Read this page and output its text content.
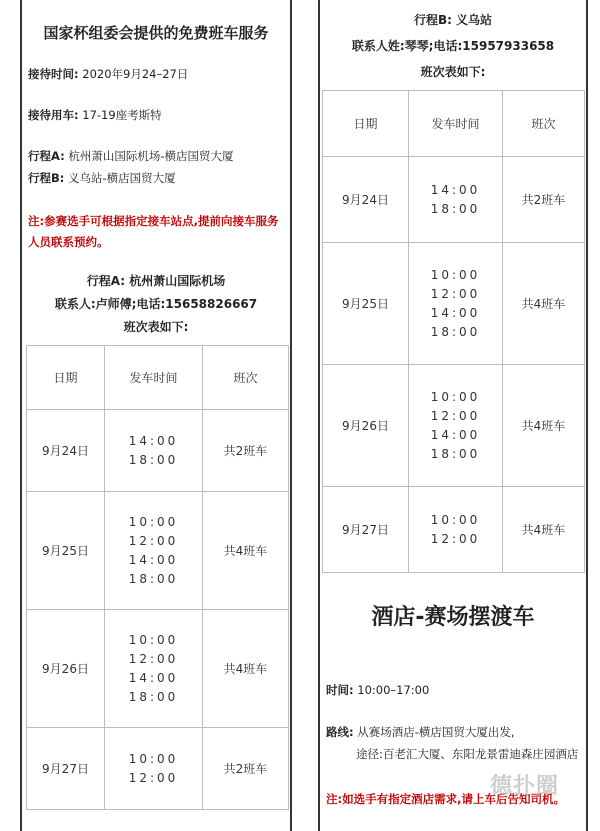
国家杯组委会提供的免费班车服务
接待时间: 2020年9月24–27日
接待用车: 17-19座考斯特
行程A: 杭州萧山国际机场-横店国贸大厦
行程B: 义乌站-横店国贸大厦
注:参赛选手可根据指定接车站点,提前向接车服务人员联系预约。
行程A: 杭州萧山国际机场
联系人:卢师傅;电话:15658826667
班次表如下:
日期	发车时间	班次
9月24日	14:00
18:00	共2班车
9月25日	10:00
12:00
14:00
18:00	共4班车
9月26日	10:00
12:00
14:00
18:00	共4班车
9月27日	10:00
12:00	共2班车
行程B: 义乌站
联系人姓:琴琴;电话:15957933658
班次表如下:
日期	发车时间	班次
9月24日	14:00
18:00	共2班车
9月25日	10:00
12:00
14:00
18:00	共4班车
9月26日	10:00
12:00
14:00
18:00	共4班车
9月27日	10:00
12:00	共4班车
酒店-赛场摆渡车
时间: 10:00–17:00
路线: 从赛场酒店-横店国贸大厦出发,
途径:百老汇大厦、东阳龙景雷迪森庄园酒店
注:如选手有指定酒店需求,请上车后告知司机。
德扑圈
